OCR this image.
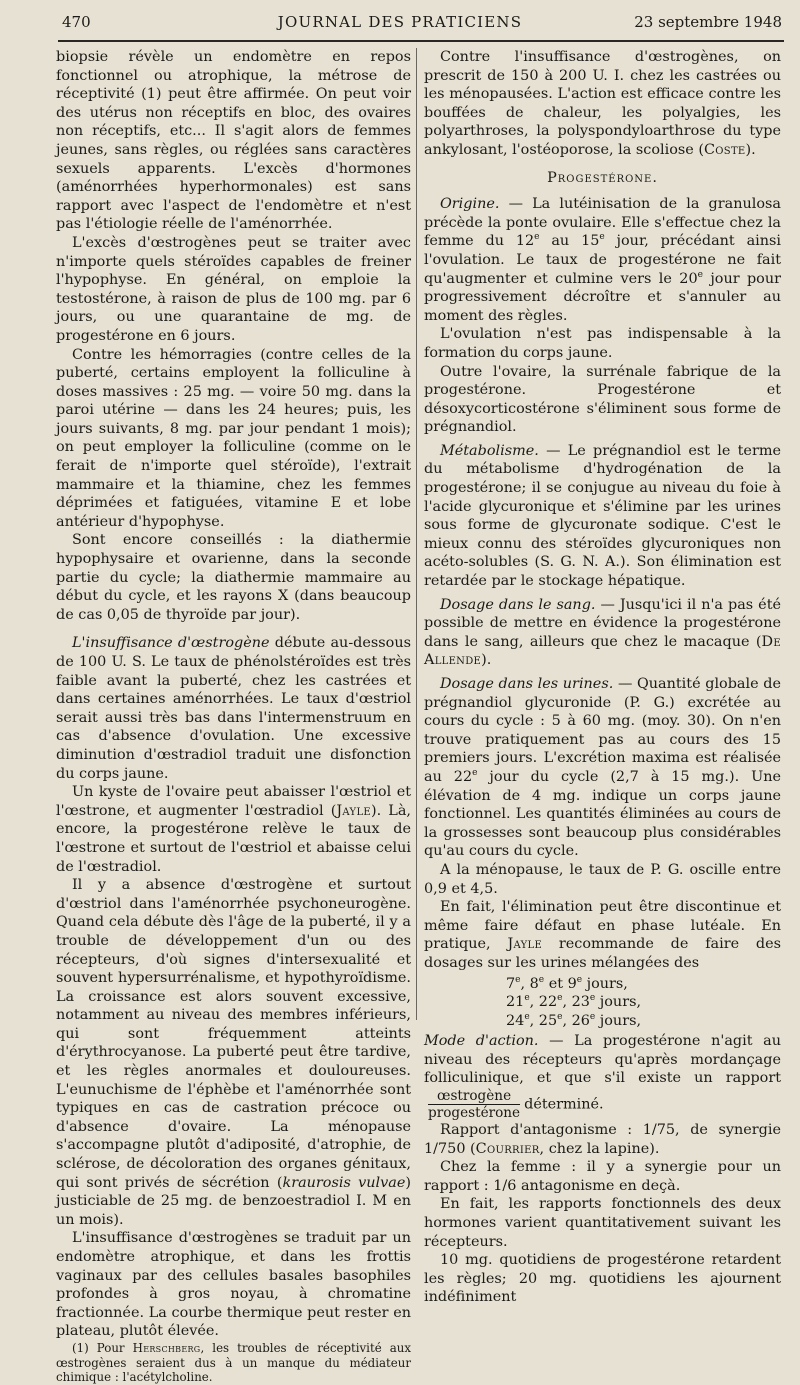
470	JOURNAL DES PRATICIENS	23 septembre 1948

biopsie révèle un endomètre en repos fonctionnel ou atrophique, la métrose de réceptivité (1) peut être affirmée. On peut voir des utérus non réceptifs en bloc, des ovaires non réceptifs, etc... Il s'agit alors de femmes jeunes, sans règles, ou réglées sans caractères sexuels apparents. L'excès d'hormones (aménorrhées hyperhormonales) est sans rapport avec l'aspect de l'endomètre et n'est pas l'étiologie réelle de l'aménorrhée.

L'excès d'œstrogènes peut se traiter avec n'importe quels stéroïdes capables de freiner l'hypophyse. En général, on emploie la testostérone, à raison de plus de 100 mg. par 6 jours, ou une quarantaine de mg. de progestérone en 6 jours.

Contre les hémorragies (contre celles de la puberté, certains employent la folliculine à doses massives : 25 mg. — voire 50 mg. dans la paroi utérine — dans les 24 heures; puis, les jours suivants, 8 mg. par jour pendant 1 mois); on peut employer la folliculine (comme on le ferait de n'importe quel stéroïde), l'extrait mammaire et la thiamine, chez les femmes déprimées et fatiguées, vitamine E et lobe antérieur d'hypophyse.

Sont encore conseillés : la diathermie hypophysaire et ovarienne, dans la seconde partie du cycle; la diathermie mammaire au début du cycle, et les rayons X (dans beaucoup de cas 0,05 de thyroïde par jour).

L'insuffisance d'œstrogène débute au-dessous de 100 U. S. Le taux de phénolstéroïdes est très faible avant la puberté, chez les castrées et dans certaines aménorrhées. Le taux d'œstriol serait aussi très bas dans l'intermenstruum en cas d'absence d'ovulation. Une excessive diminution d'œstradiol traduit une disfonction du corps jaune.

Un kyste de l'ovaire peut abaisser l'œstriol et l'œstrone, et augmenter l'œstradiol (Jayle). Là, encore, la progestérone relève le taux de l'œstrone et surtout de l'œstriol et abaisse celui de l'œstradiol.

Il y a absence d'œstrogène et surtout d'œstriol dans l'aménorrhée psychoneurogène. Quand cela débute dès l'âge de la puberté, il y a trouble de développement d'un ou des récepteurs, d'où signes d'intersexualité et souvent hypersurrénalisme, et hypothyroïdisme. La croissance est alors souvent excessive, notamment au niveau des membres inférieurs, qui sont fréquemment atteints d'érythrocyanose. La puberté peut être tardive, et les règles anormales et douloureuses. L'eunuchisme de l'éphèbe et l'aménorrhée sont typiques en cas de castration précoce ou d'absence d'ovaire. La ménopause s'accompagne plutôt d'adiposité, d'atrophie, de sclérose, de décoloration des organes génitaux, qui sont privés de sécrétion (kraurosis vulvae) justiciable de 25 mg. de benzoestradiol I. M en un mois).

L'insuffisance d'œstrogènes se traduit par un endomètre atrophique, et dans les frottis vaginaux par des cellules basales basophiles profondes à gros noyau, à chromatine fractionnée. La courbe thermique peut rester en plateau, plutôt élevée.

(1) Pour Herschberg, les troubles de réceptivité aux œstrogènes seraient dus à un manque du médiateur chimique : l'acétylcholine.

Contre l'insuffisance d'œstrogènes, on prescrit de 150 à 200 U. I. chez les castrées ou les ménopausées. L'action est efficace contre les bouffées de chaleur, les polyalgies, les polyarthroses, la polyspondyloarthrose du type ankylosant, l'ostéoporose, la scoliose (Coste).

Progestérone.

Origine. — La lutéinisation de la granulosa précède la ponte ovulaire. Elle s'effectue chez la femme du 12e au 15e jour, précédant ainsi l'ovulation. Le taux de progestérone ne fait qu'augmenter et culmine vers le 20e jour pour progressivement décroître et s'annuler au moment des règles.

L'ovulation n'est pas indispensable à la formation du corps jaune.

Outre l'ovaire, la surrénale fabrique de la progestérone. Progestérone et désoxycorticostérone s'éliminent sous forme de prégnandiol.

Métabolisme. — Le prégnandiol est le terme du métabolisme d'hydrogénation de la progestérone; il se conjugue au niveau du foie à l'acide glycuronique et s'élimine par les urines sous forme de glycuronate sodique. C'est le mieux connu des stéroïdes glycuroniques non acéto-solubles (S. G. N. A.). Son élimination est retardée par le stockage hépatique.

Dosage dans le sang. — Jusqu'ici il n'a pas été possible de mettre en évidence la progestérone dans le sang, ailleurs que chez le macaque (De Allende).

Dosage dans les urines. — Quantité globale de prégnandiol glycuronide (P. G.) excrétée au cours du cycle : 5 à 60 mg. (moy. 30). On n'en trouve pratiquement pas au cours des 15 premiers jours. L'excrétion maxima est réalisée au 22e jour du cycle (2,7 à 15 mg.). Une élévation de 4 mg. indique un corps jaune fonctionnel. Les quantités éliminées au cours de la grossesses sont beaucoup plus considérables qu'au cours du cycle.

A la ménopause, le taux de P. G. oscille entre 0,9 et 4,5.

En fait, l'élimination peut être discontinue et même faire défaut en phase lutéale. En pratique, Jayle recommande de faire des dosages sur les urines mélangées des

7e, 8e et 9e jours,
21e, 22e, 23e jours,
24e, 25e, 26e jours,

Mode d'action. — La progestérone n'agit au niveau des récepteurs qu'après mordançage folliculinique, et que s'il existe un rapport
$\frac{\text{œstrogène}}{\text{progestérone}}$ déterminé.

Rapport d'antagonisme : 1/75, de synergie 1/750 (Courrier, chez la lapine).

Chez la femme : il y a synergie pour un rapport : 1/6 antagonisme en deçà.

En fait, les rapports fonctionnels des deux hormones varient quantitativement suivant les récepteurs.

10 mg. quotidiens de progestérone retardent les règles; 20 mg. quotidiens les ajournent indéfiniment
